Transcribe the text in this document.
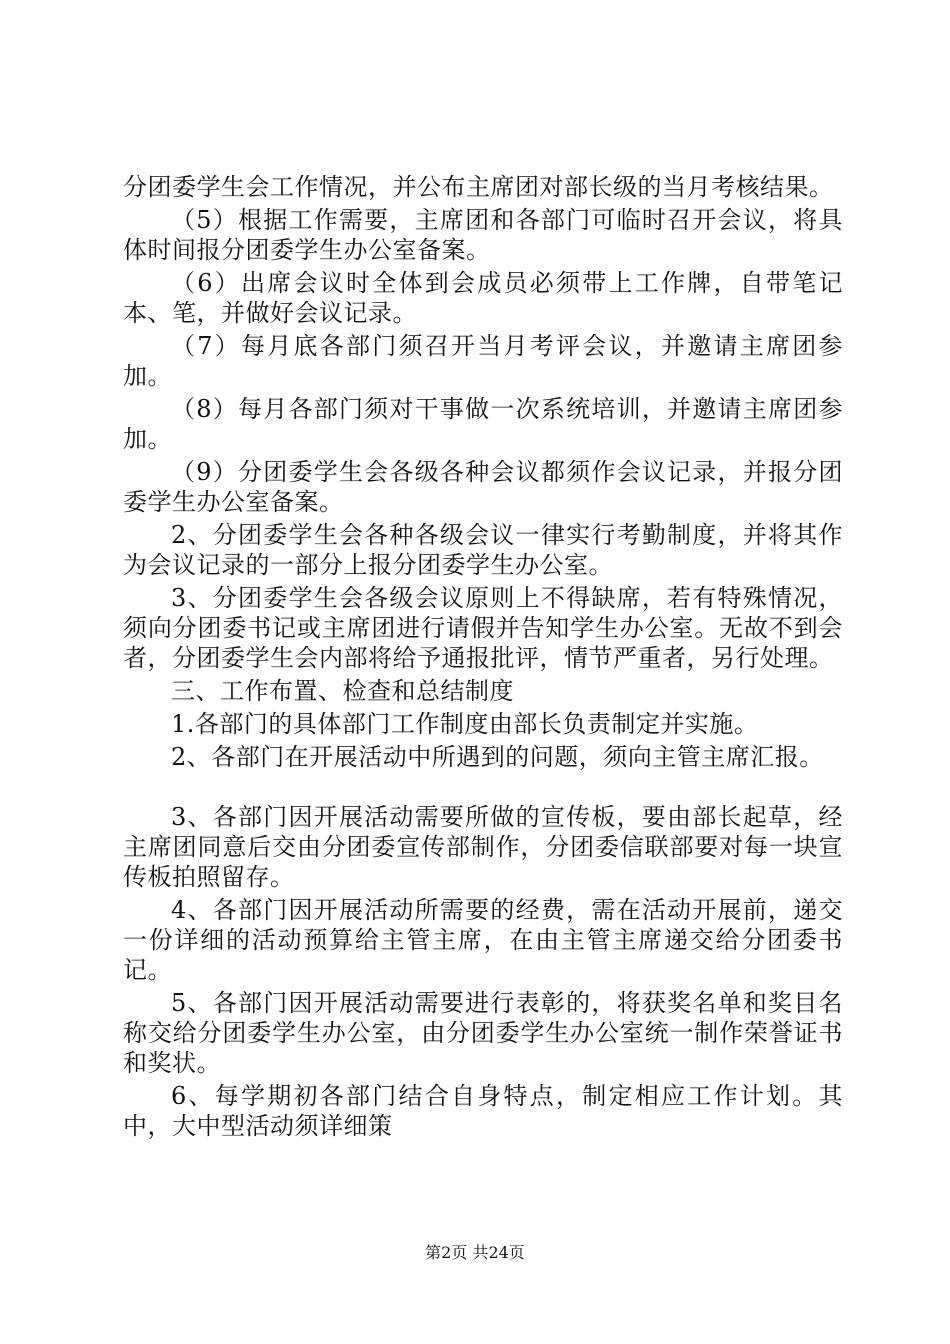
分团委学生会工作情况，并公布主席团对部长级的当月考核结果。

（5）根据工作需要，主席团和各部门可临时召开会议，将具体时间报分团委学生办公室备案。

（6）出席会议时全体到会成员必须带上工作牌，自带笔记本、笔，并做好会议记录。

（7）每月底各部门须召开当月考评会议，并邀请主席团参加。

（8）每月各部门须对干事做一次系统培训，并邀请主席团参加。

（9）分团委学生会各级各种会议都须作会议记录，并报分团委学生办公室备案。

2、分团委学生会各种各级会议一律实行考勤制度，并将其作为会议记录的一部分上报分团委学生办公室。

3、分团委学生会各级会议原则上不得缺席，若有特殊情况，须向分团委书记或主席团进行请假并告知学生办公室。无故不到会者，分团委学生会内部将给予通报批评，情节严重者，另行处理。

三、工作布置、检查和总结制度

1.各部门的具体部门工作制度由部长负责制定并实施。

2、各部门在开展活动中所遇到的问题，须向主管主席汇报。

3、各部门因开展活动需要所做的宣传板，要由部长起草，经主席团同意后交由分团委宣传部制作，分团委信联部要对每一块宣传板拍照留存。

4、各部门因开展活动所需要的经费，需在活动开展前，递交一份详细的活动预算给主管主席，在由主管主席递交给分团委书记。

5、各部门因开展活动需要进行表彰的，将获奖名单和奖目名称交给分团委学生办公室，由分团委学生办公室统一制作荣誉证书和奖状。

6、每学期初各部门结合自身特点，制定相应工作计划。其中，大中型活动须详细策

第2页 共24页
